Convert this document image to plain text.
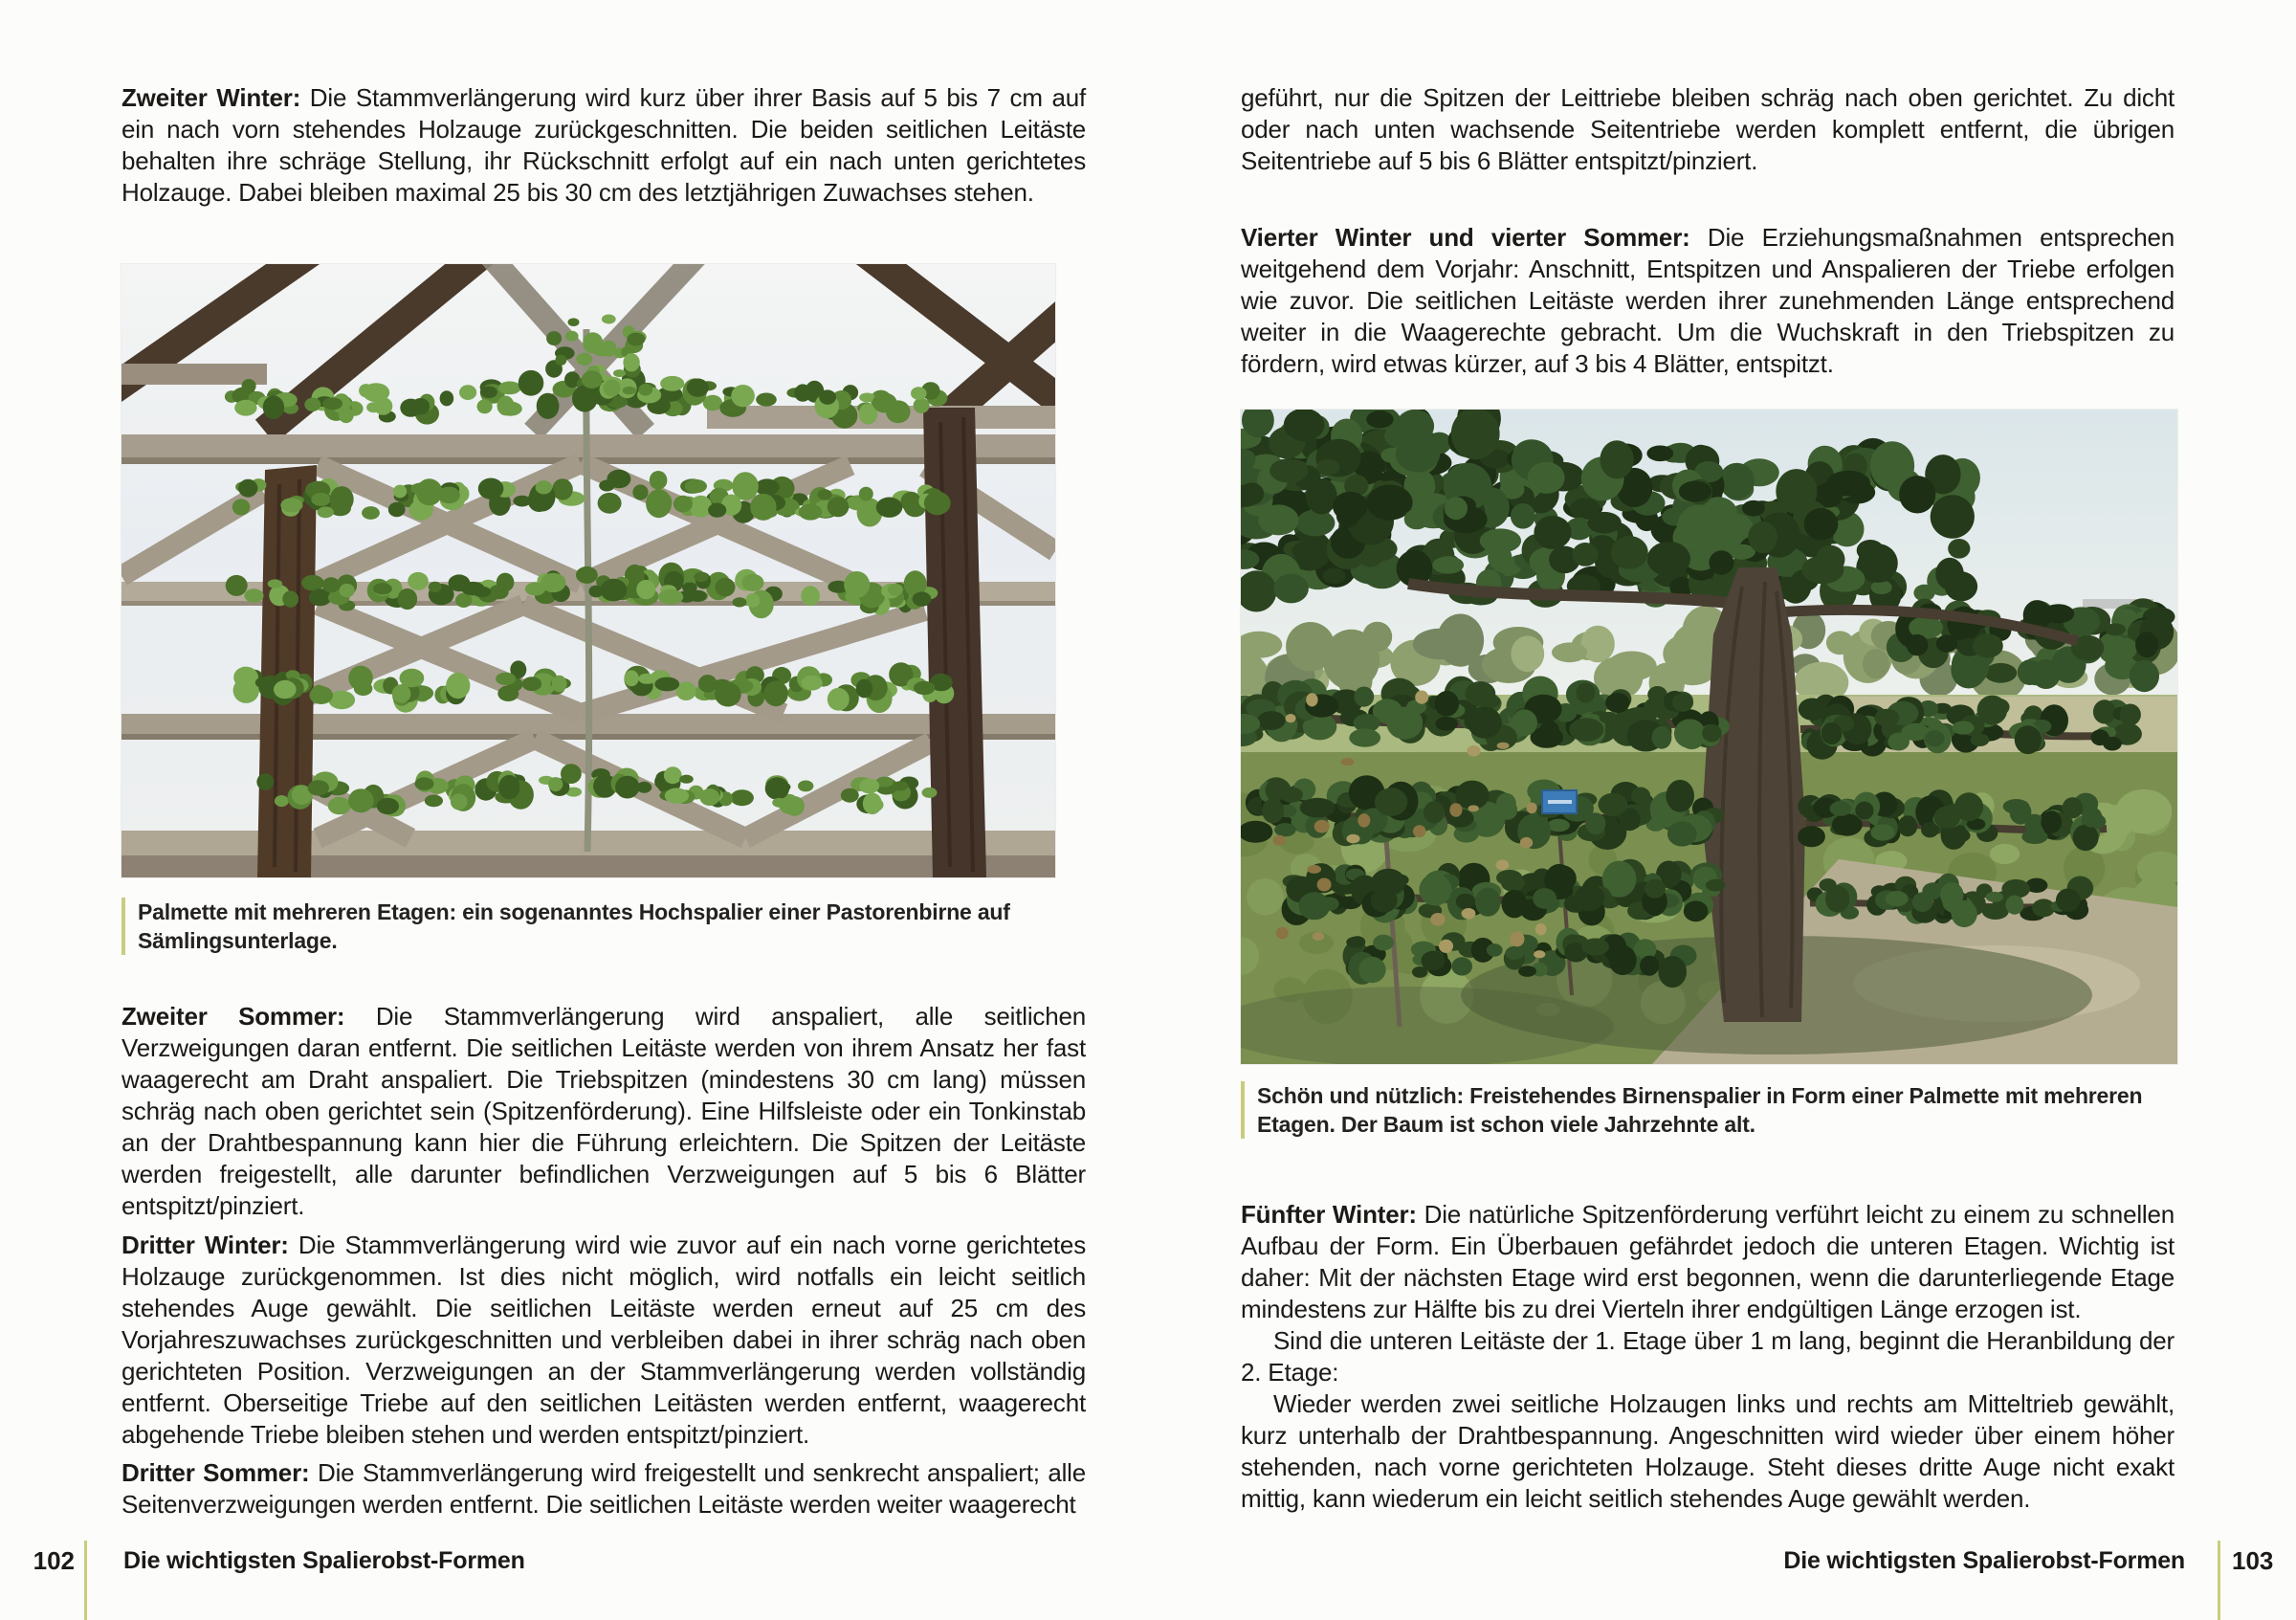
Zweiter Winter: Die Stammverlängerung wird kurz über ihrer Basis auf 5 bis 7 cm auf ein nach vorn stehendes Holzauge zurückgeschnitten. Die beiden seitlichen Leitäste behalten ihre schräge Stellung, ihr Rückschnitt erfolgt auf ein nach unten gerichtetes Holzauge. Dabei bleiben maximal 25 bis 30 cm des letztjährigen Zuwachses stehen.

Palmette mit mehreren Etagen: ein sogenanntes Hochspalier einer Pastorenbirne auf Sämlingsunterlage.

Zweiter Sommer: Die Stammverlängerung wird anspaliert, alle seitlichen Verzweigungen daran entfernt. Die seitlichen Leitäste werden von ihrem Ansatz her fast waagerecht am Draht anspaliert. Die Triebspitzen (mindestens 30 cm lang) müssen schräg nach oben gerichtet sein (Spitzenförderung). Eine Hilfsleiste oder ein Tonkinstab an der Drahtbespannung kann hier die Führung erleichtern. Die Spitzen der Leitäste werden freigestellt, alle darunter befindlichen Verzweigungen auf 5 bis 6 Blätter entspitzt/pinziert.

Dritter Winter: Die Stammverlängerung wird wie zuvor auf ein nach vorne gerichtetes Holzauge zurückgenommen. Ist dies nicht möglich, wird notfalls ein leicht seitlich stehendes Auge gewählt. Die seitlichen Leitäste werden erneut auf 25 cm des Vorjahreszuwachses zurückgeschnitten und verbleiben dabei in ihrer schräg nach oben gerichteten Position. Verzweigungen an der Stammverlängerung werden vollständig entfernt. Oberseitige Triebe auf den seitlichen Leitästen werden entfernt, waagerecht abgehende Triebe bleiben stehen und werden entspitzt/pinziert.

Dritter Sommer: Die Stammverlängerung wird freigestellt und senkrecht anspaliert; alle Seitenverzweigungen werden entfernt. Die seitlichen Leitäste werden weiter waagerecht

102 Die wichtigsten Spalierobst-Formen

geführt, nur die Spitzen der Leittriebe bleiben schräg nach oben gerichtet. Zu dicht oder nach unten wachsende Seitentriebe werden komplett entfernt, die übrigen Seitentriebe auf 5 bis 6 Blätter entspitzt/pinziert.

Vierter Winter und vierter Sommer: Die Erziehungsmaßnahmen entsprechen weitgehend dem Vorjahr: Anschnitt, Entspitzen und Anspalieren der Triebe erfolgen wie zuvor. Die seitlichen Leitäste werden ihrer zunehmenden Länge entsprechend weiter in die Waagerechte gebracht. Um die Wuchskraft in den Triebspitzen zu fördern, wird etwas kürzer, auf 3 bis 4 Blätter, entspitzt.

Schön und nützlich: Freistehendes Birnenspalier in Form einer Palmette mit mehreren Etagen. Der Baum ist schon viele Jahrzehnte alt.

Fünfter Winter: Die natürliche Spitzenförderung verführt leicht zu einem zu schnellen Aufbau der Form. Ein Überbauen gefährdet jedoch die unteren Etagen. Wichtig ist daher: Mit der nächsten Etage wird erst begonnen, wenn die darunterliegende Etage mindestens zur Hälfte bis zu drei Vierteln ihrer endgültigen Länge erzogen ist.

Sind die unteren Leitäste der 1. Etage über 1 m lang, beginnt die Heranbildung der 2. Etage:

Wieder werden zwei seitliche Holzaugen links und rechts am Mitteltrieb gewählt, kurz unterhalb der Drahtbespannung. Angeschnitten wird wieder über einem höher stehenden, nach vorne gerichteten Holzauge. Steht dieses dritte Auge nicht exakt mittig, kann wiederum ein leicht seitlich stehendes Auge gewählt werden.

Die wichtigsten Spalierobst-Formen 103
